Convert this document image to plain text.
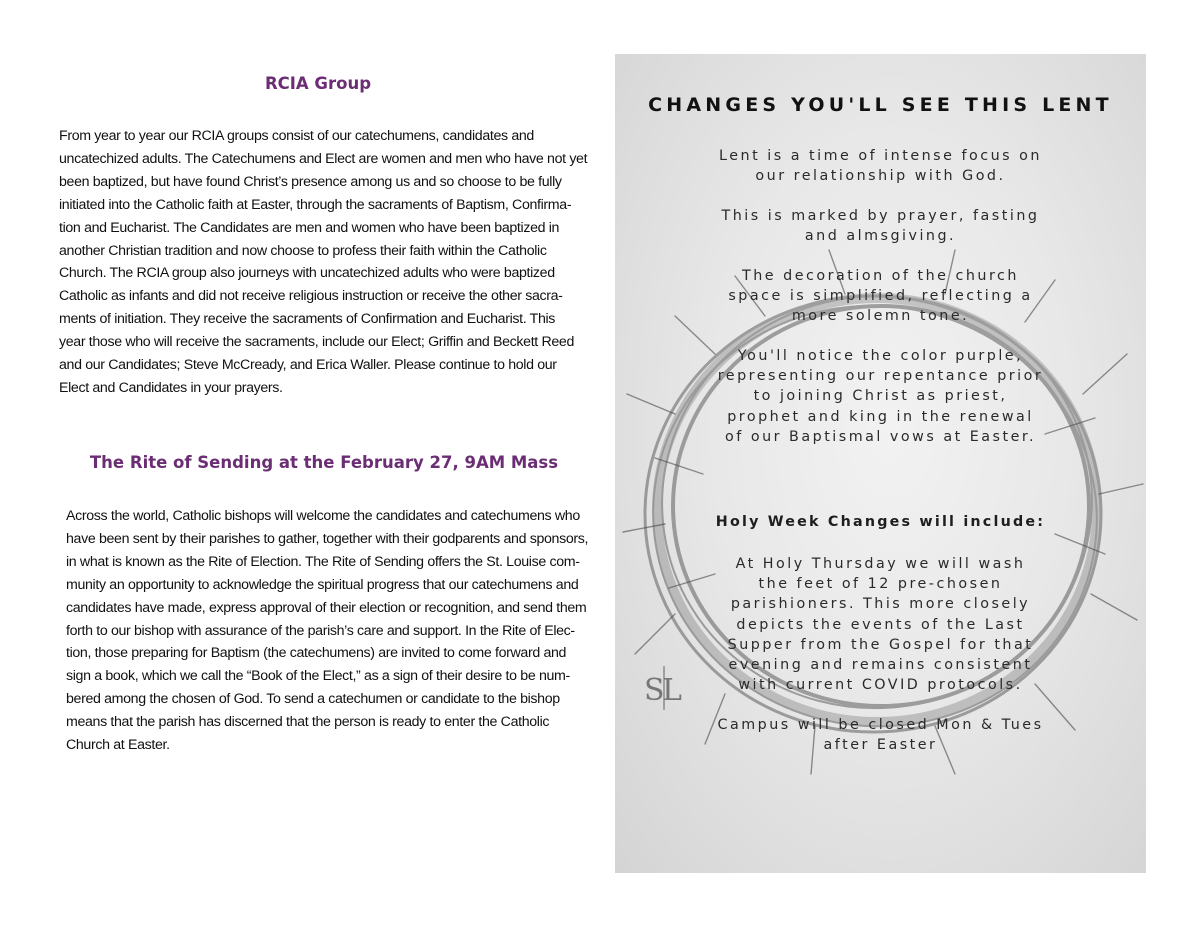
RCIA Group

From year to year our RCIA groups consist of our catechumens, candidates and
uncatechized adults. The Catechumens and Elect are women and men who have not yet
been baptized, but have found Christ’s presence among us and so choose to be fully
initiated into the Catholic faith at Easter, through the sacraments of Baptism, Confirma-
tion and Eucharist. The Candidates are men and women who have been baptized in
another Christian tradition and now choose to profess their faith within the Catholic
Church. The RCIA group also journeys with uncatechized adults who were baptized
Catholic as infants and did not receive religious instruction or receive the other sacra-
ments of initiation. They receive the sacraments of Confirmation and Eucharist. This
year those who will receive the sacraments, include our Elect; Griffin and Beckett Reed
and our Candidates; Steve McCready, and Erica Waller. Please continue to hold our
Elect and Candidates in your prayers.

The Rite of Sending at the February 27, 9AM Mass

Across the world, Catholic bishops will welcome the candidates and catechumens who
have been sent by their parishes to gather, together with their godparents and sponsors,
in what is known as the Rite of Election. The Rite of Sending offers the St. Louise com-
munity an opportunity to acknowledge the spiritual progress that our catechumens and
candidates have made, express approval of their election or recognition, and send them
forth to our bishop with assurance of the parish’s care and support. In the Rite of Elec-
tion, those preparing for Baptism (the catechumens) are invited to come forward and
sign a book, which we call the “Book of the Elect,” as a sign of their desire to be num-
bered among the chosen of God. To send a catechumen or candidate to the bishop
means that the parish has discerned that the person is ready to enter the Catholic
Church at Easter.

CHANGES YOU'LL SEE THIS LENT

Lent is a time of intense focus on
our relationship with God.

This is marked by prayer, fasting
and almsgiving.

The decoration of the church
space is simplified, reflecting a
more solemn tone.

You'll notice the color purple,
representing our repentance prior
to joining Christ as priest,
prophet and king in the renewal
of our Baptismal vows at Easter.

Holy Week Changes will include:

At Holy Thursday we will wash
the feet of 12 pre-chosen
parishioners. This more closely
depicts the events of the Last
Supper from the Gospel for that
evening and remains consistent
with current COVID protocols.

Campus will be closed Mon & Tues
after Easter

S
L
